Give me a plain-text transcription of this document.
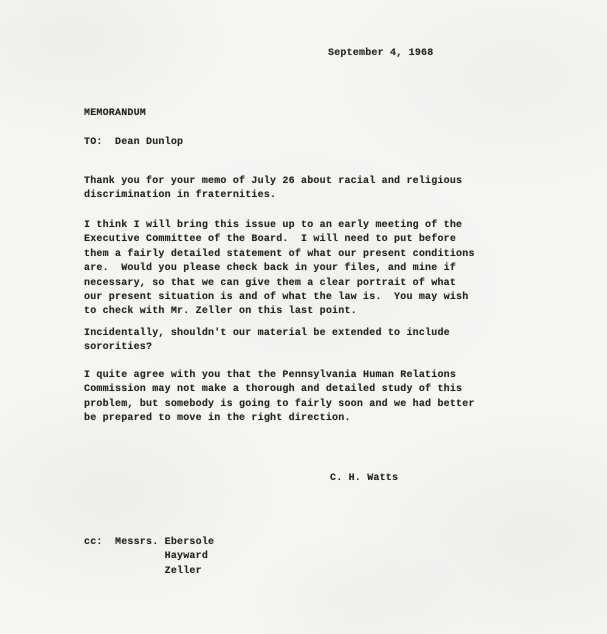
September 4, 1968
MEMORANDUM
TO:  Dean Dunlop
Thank you for your memo of July 26 about racial and religious
discrimination in fraternities.
I think I will bring this issue up to an early meeting of the
Executive Committee of the Board.  I will need to put before
them a fairly detailed statement of what our present conditions
are.  Would you please check back in your files, and mine if
necessary, so that we can give them a clear portrait of what
our present situation is and of what the law is.  You may wish
to check with Mr. Zeller on this last point.
Incidentally, shouldn't our material be extended to include
sororities?
I quite agree with you that the Pennsylvania Human Relations
Commission may not make a thorough and detailed study of this
problem, but somebody is going to fairly soon and we had better
be prepared to move in the right direction.
C. H. Watts
cc:  Messrs. Ebersole
Hayward
Zeller
